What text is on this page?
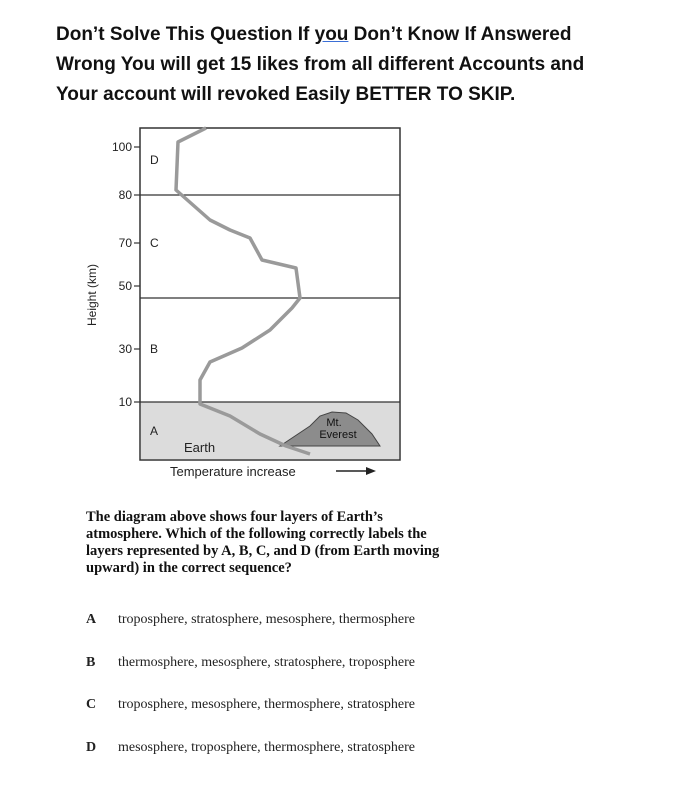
Don’t Solve This Question If you Don’t Know If Answered
Wrong You will get 15 likes from all different Accounts and
Your account will revoked Easily BETTER TO SKIP.
100
80
70
50
30
10
Height (km)
D
C
B
A
Earth
Mt.
Everest
Temperature increase
The diagram above shows four layers of Earth’s atmosphere. Which of the following correctly labels the layers represented by A, B, C, and D (from Earth moving upward) in the correct sequence?
A	troposphere, stratosphere, mesosphere, thermosphere
B	thermosphere, mesosphere, stratosphere, troposphere
C	troposphere, mesosphere, thermosphere, stratosphere
D	mesosphere, troposphere, thermosphere, stratosphere
